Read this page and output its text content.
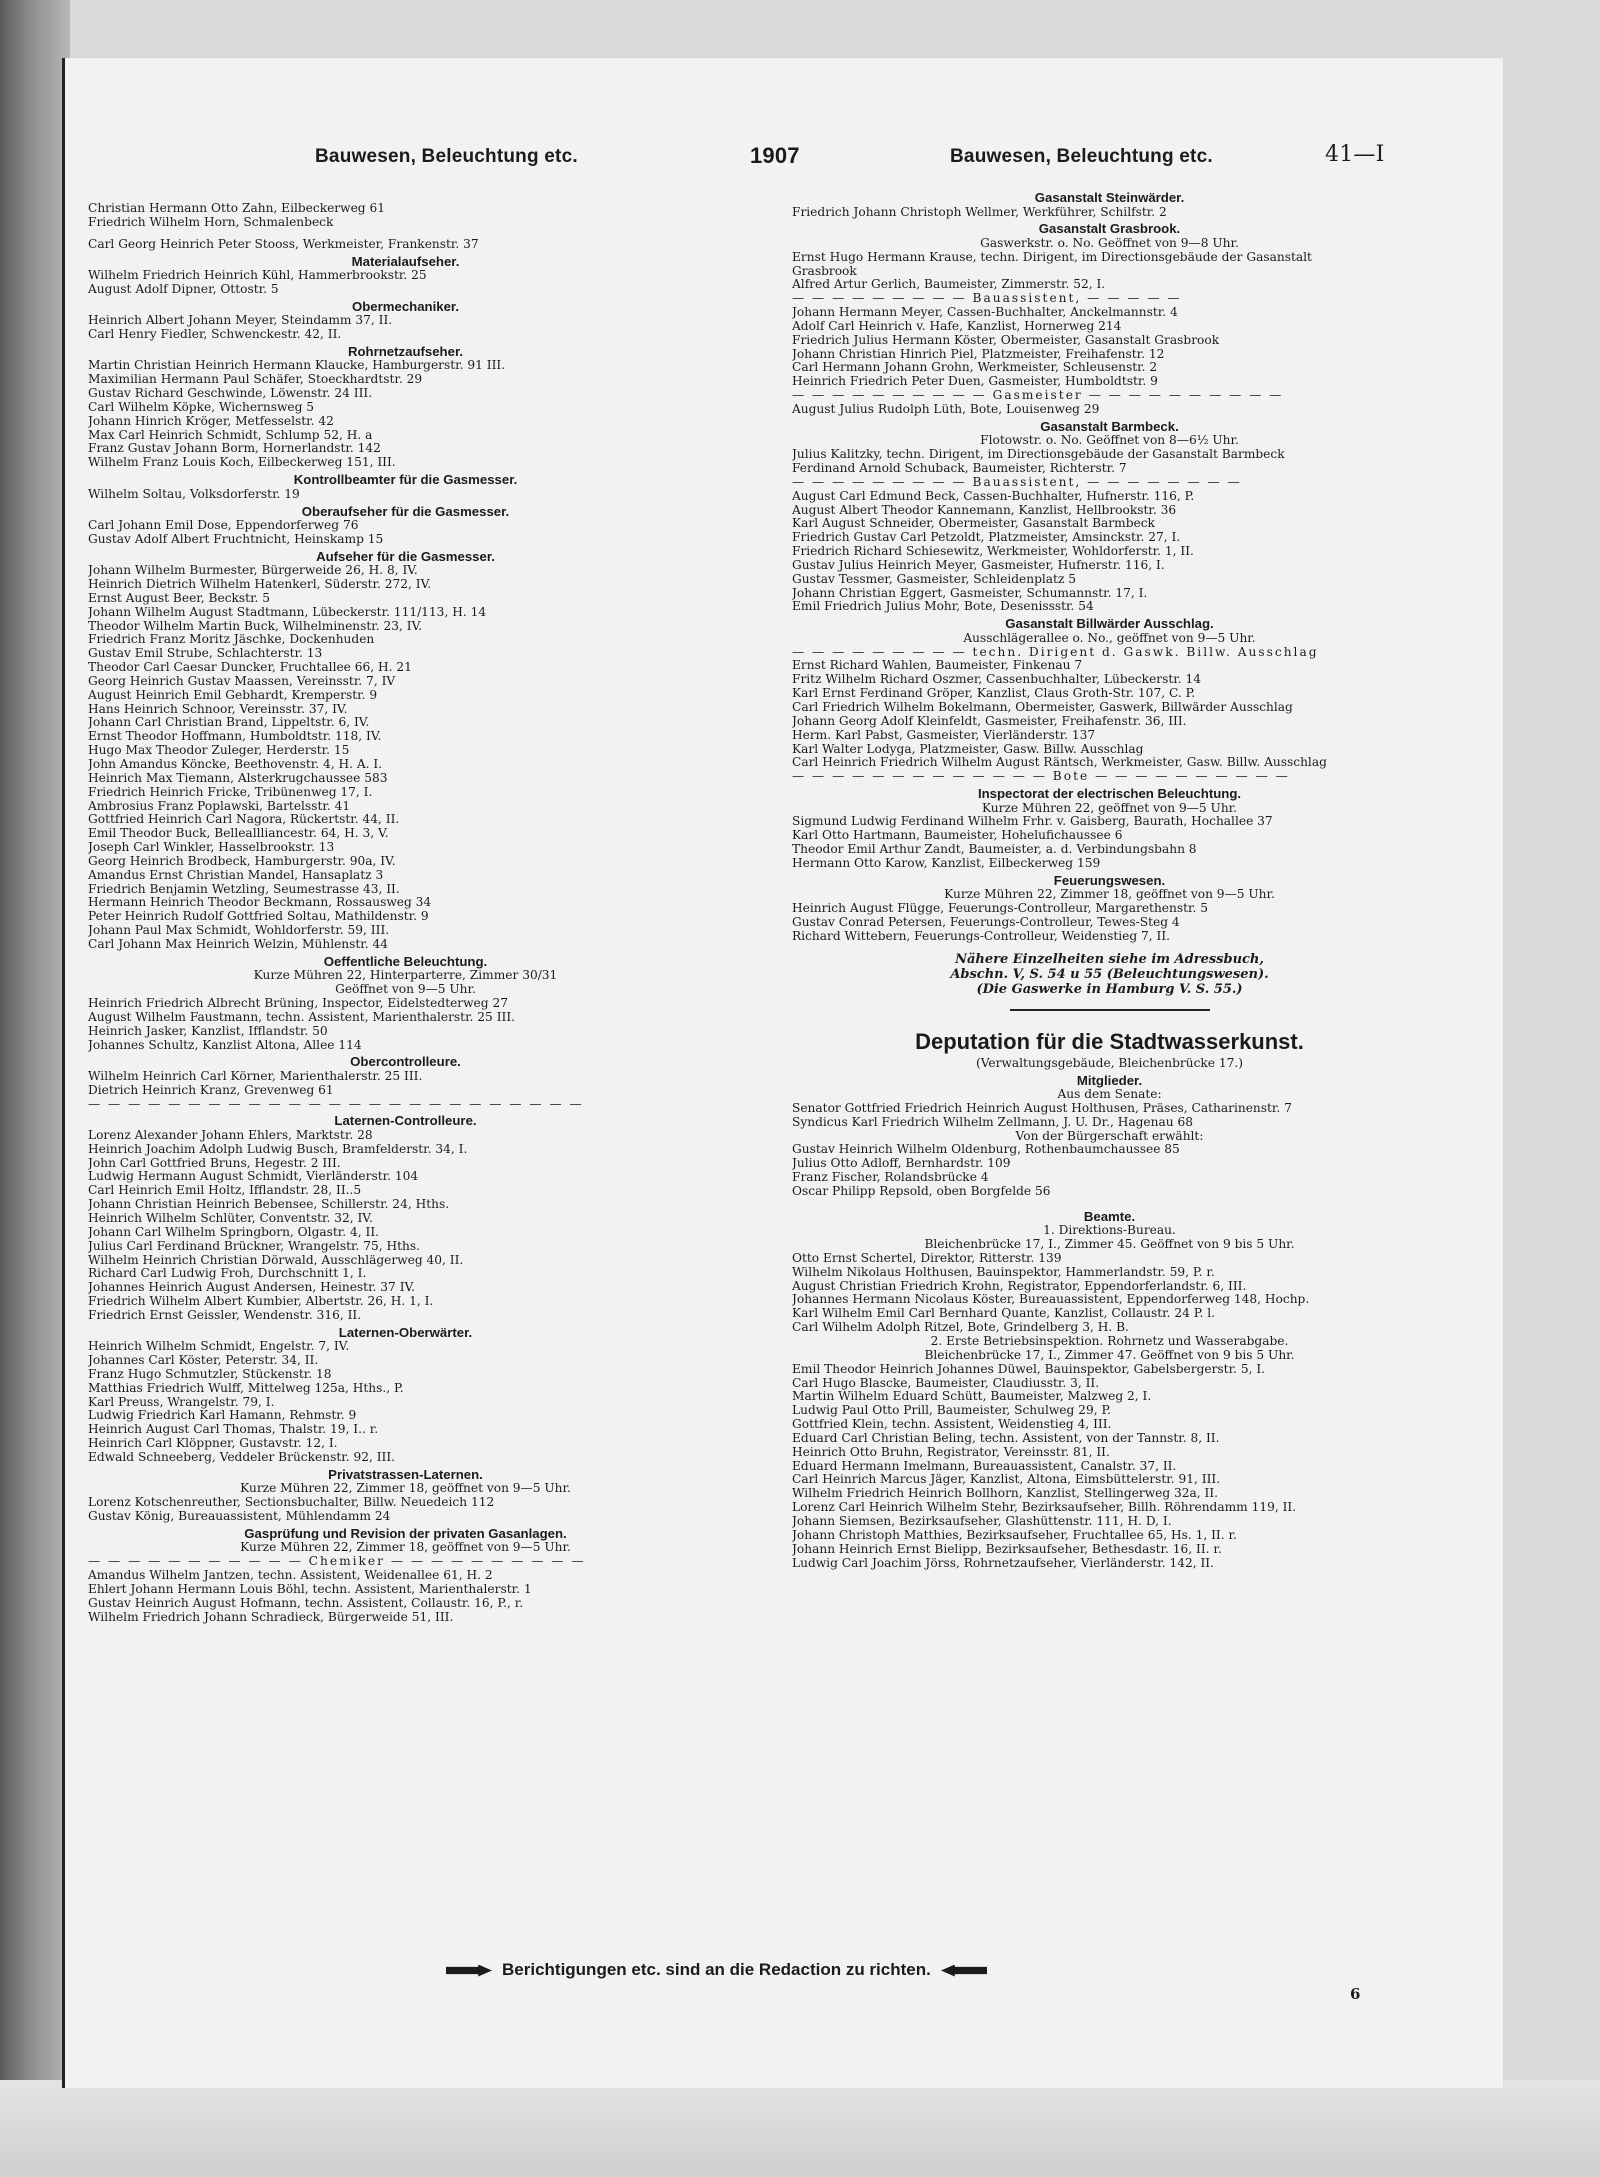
Bauwesen, Beleuchtung etc.	1907	Bauwesen, Beleuchtung etc.	41—I
Christian Hermann Otto Zahn, Eilbeckerweg 61
Friedrich Wilhelm Horn, Schmalenbeck
Carl Georg Heinrich Peter Stooss, Werkmeister, Frankenstr. 37
Materialaufseher.
Wilhelm Friedrich Heinrich Kühl, Hammerbrookstr. 25
August Adolf Dipner, Ottostr. 5
Obermechaniker.
Heinrich Albert Johann Meyer, Steindamm 37, II.
Carl Henry Fiedler, Schwenckestr. 42, II.
Rohrnetzaufseher.
Martin Christian Heinrich Hermann Klaucke, Hamburgerstr. 91 III.
Maximilian Hermann Paul Schäfer, Stoeckhardtstr. 29
Gustav Richard Geschwinde, Löwenstr. 24 III.
Carl Wilhelm Köpke, Wichernsweg 5
Johann Hinrich Kröger, Metfesselstr. 42
Max Carl Heinrich Schmidt, Schlump 52, H. a
Franz Gustav Johann Borm, Hornerlandstr. 142
Wilhelm Franz Louis Koch, Eilbeckerweg 151, III.
Kontrollbeamter für die Gasmesser.
Wilhelm Soltau, Volksdorferstr. 19
Oberaufseher für die Gasmesser.
Carl Johann Emil Dose, Eppendorferweg 76
Gustav Adolf Albert Fruchtnicht, Heinskamp 15
Aufseher für die Gasmesser.
Johann Wilhelm Burmester, Bürgerweide 26, H. 8, IV.
Heinrich Dietrich Wilhelm Hatenkerl, Süderstr. 272, IV.
Ernst August Beer, Beckstr. 5
Johann Wilhelm August Stadtmann, Lübeckerstr. 111/113, H. 14
Theodor Wilhelm Martin Buck, Wilhelminenstr. 23, IV.
Friedrich Franz Moritz Jäschke, Dockenhuden
Gustav Emil Strube, Schlachterstr. 13
Theodor Carl Caesar Duncker, Fruchtallee 66, H. 21
Georg Heinrich Gustav Maassen, Vereinsstr. 7, IV
August Heinrich Emil Gebhardt, Kremperstr. 9
Hans Heinrich Schnoor, Vereinsstr. 37, IV.
Johann Carl Christian Brand, Lippeltstr. 6, IV.
Ernst Theodor Hoffmann, Humboldtstr. 118, IV.
Hugo Max Theodor Zuleger, Herderstr. 15
John Amandus Köncke, Beethovenstr. 4, H. A. I.
Heinrich Max Tiemann, Alsterkrugchaussee 583
Friedrich Heinrich Fricke, Tribünenweg 17, I.
Ambrosius Franz Poplawski, Bartelsstr. 41
Gottfried Heinrich Carl Nagora, Rückertstr. 44, II.
Emil Theodor Buck, Belleallliancestr. 64, H. 3, V.
Joseph Carl Winkler, Hasselbrookstr. 13
Georg Heinrich Brodbeck, Hamburgerstr. 90a, IV.
Amandus Ernst Christian Mandel, Hansaplatz 3
Friedrich Benjamin Wetzling, Seumestrasse 43, II.
Hermann Heinrich Theodor Beckmann, Rossausweg 34
Peter Heinrich Rudolf Gottfried Soltau, Mathildenstr. 9
Johann Paul Max Schmidt, Wohldorferstr. 59, III.
Carl Johann Max Heinrich Welzin, Mühlenstr. 44
Oeffentliche Beleuchtung.
Kurze Mühren 22, Hinterparterre, Zimmer 30/31
Geöffnet von 9—5 Uhr.
Heinrich Friedrich Albrecht Brüning, Inspector, Eidelstedterweg 27
August Wilhelm Faustmann, techn. Assistent, Marienthalerstr. 25 III.
Heinrich Jasker, Kanzlist, Ifflandstr. 50
Johannes Schultz, Kanzlist Altona, Allee 114
Obercontrolleure.
Wilhelm Heinrich Carl Körner, Marienthalerstr. 25 III.
Dietrich Heinrich Kranz, Grevenweg 61
— — — — — — — — — — — — — — — — — — — — — — — — —
Laternen-Controlleure.
Lorenz Alexander Johann Ehlers, Marktstr. 28
Heinrich Joachim Adolph Ludwig Busch, Bramfelderstr. 34, I.
John Carl Gottfried Bruns, Hegestr. 2 III.
Ludwig Hermann August Schmidt, Vierländerstr. 104
Carl Heinrich Emil Holtz, Ifflandstr. 28, II..5
Johann Christian Heinrich Bebensee, Schillerstr. 24, Hths.
Heinrich Wilhelm Schlüter, Conventstr. 32, IV.
Johann Carl Wilhelm Springborn, Olgastr. 4, II.
Julius Carl Ferdinand Brückner, Wrangelstr. 75, Hths.
Wilhelm Heinrich Christian Dörwald, Ausschlägerweg 40, II.
Richard Carl Ludwig Froh, Durchschnitt 1, I.
Johannes Heinrich August Andersen, Heinestr. 37 IV.
Friedrich Wilhelm Albert Kumbier, Albertstr. 26, H. 1, I.
Friedrich Ernst Geissler, Wendenstr. 316, II.
Laternen-Oberwärter.
Heinrich Wilhelm Schmidt, Engelstr. 7, IV.
Johannes Carl Köster, Peterstr. 34, II.
Franz Hugo Schmutzler, Stückenstr. 18
Matthias Friedrich Wulff, Mittelweg 125a, Hths., P.
Karl Preuss, Wrangelstr. 79, I.
Ludwig Friedrich Karl Hamann, Rehmstr. 9
Heinrich August Carl Thomas, Thalstr. 19, I.. r.
Heinrich Carl Klöppner, Gustavstr. 12, I.
Edwald Schneeberg, Veddeler Brückenstr. 92, III.
Privatstrassen-Laternen.
Kurze Mühren 22, Zimmer 18, geöffnet von 9—5 Uhr.
Lorenz Kotschenreuther, Sectionsbuchalter, Billw. Neuedeich 112
Gustav König, Bureauassistent, Mühlendamm 24
Gasprüfung und Revision der privaten Gasanlagen.
Kurze Mühren 22, Zimmer 18, geöffnet von 9—5 Uhr.
— — — — — — — — — — — Chemiker — — — — — — — — — —
Amandus Wilhelm Jantzen, techn. Assistent, Weidenallee 61, H. 2
Ehlert Johann Hermann Louis Böhl, techn. Assistent, Marienthalerstr. 1
Gustav Heinrich August Hofmann, techn. Assistent, Collaustr. 16, P., r.
Wilhelm Friedrich Johann Schradieck, Bürgerweide 51, III.
Gasanstalt Steinwärder.
Friedrich Johann Christoph Wellmer, Werkführer, Schilfstr. 2
Gasanstalt Grasbrook.
Gaswerkstr. o. No. Geöffnet von 9—8 Uhr.
Ernst Hugo Hermann Krause, techn. Dirigent, im Directionsgebäude der Gasanstalt
Grasbrook
Alfred Artur Gerlich, Baumeister, Zimmerstr. 52, I.
— — — — — — — — — Bauassistent, — — — — —
Johann Hermann Meyer, Cassen-Buchhalter, Anckelmannstr. 4
Adolf Carl Heinrich v. Hafe, Kanzlist, Hornerweg 214
Friedrich Julius Hermann Köster, Obermeister, Gasanstalt Grasbrook
Johann Christian Hinrich Piel, Platzmeister, Freihafenstr. 12
Carl Hermann Johann Grohn, Werkmeister, Schleusenstr. 2
Heinrich Friedrich Peter Duen, Gasmeister, Humboldtstr. 9
— — — — — — — — — — Gasmeister — — — — — — — — — —
August Julius Rudolph Lüth, Bote, Louisenweg 29
Gasanstalt Barmbeck.
Flotowstr. o. No. Geöffnet von 8—6½ Uhr.
Julius Kalitzky, techn. Dirigent, im Directionsgebäude der Gasanstalt Barmbeck
Ferdinand Arnold Schuback, Baumeister, Richterstr. 7
— — — — — — — — — Bauassistent, — — — — — — — —
August Carl Edmund Beck, Cassen-Buchhalter, Hufnerstr. 116, P.
August Albert Theodor Kannemann, Kanzlist, Hellbrookstr. 36
Karl August Schneider, Obermeister, Gasanstalt Barmbeck
Friedrich Gustav Carl Petzoldt, Platzmeister, Amsinckstr. 27, I.
Friedrich Richard Schiesewitz, Werkmeister, Wohldorferstr. 1, II.
Gustav Julius Heinrich Meyer, Gasmeister, Hufnerstr. 116, I.
Gustav Tessmer, Gasmeister, Schleidenplatz 5
Johann Christian Eggert, Gasmeister, Schumannstr. 17, I.
Emil Friedrich Julius Mohr, Bote, Desenissstr. 54
Gasanstalt Billwärder Ausschlag.
Ausschlägerallee o. No., geöffnet von 9—5 Uhr.
— — — — — — — — — techn. Dirigent d. Gaswk. Billw. Ausschlag
Ernst Richard Wahlen, Baumeister, Finkenau 7
Fritz Wilhelm Richard Oszmer, Cassenbuchhalter, Lübeckerstr. 14
Karl Ernst Ferdinand Gröper, Kanzlist, Claus Groth-Str. 107, C. P.
Carl Friedrich Wilhelm Bokelmann, Obermeister, Gaswerk, Billwärder Ausschlag
Johann Georg Adolf Kleinfeldt, Gasmeister, Freihafenstr. 36, III.
Herm. Karl Pabst, Gasmeister, Vierländerstr. 137
Karl Walter Lodyga, Platzmeister, Gasw. Billw. Ausschlag
Carl Heinrich Friedrich Wilhelm August Räntsch, Werkmeister, Gasw. Billw. Ausschlag
— — — — — — — — — — — — — Bote — — — — — — — — — —
Inspectorat der electrischen Beleuchtung.
Kurze Mühren 22, geöffnet von 9—5 Uhr.
Sigmund Ludwig Ferdinand Wilhelm Frhr. v. Gaisberg, Baurath, Hochallee 37
Karl Otto Hartmann, Baumeister, Hohelufichaussee 6
Theodor Emil Arthur Zandt, Baumeister, a. d. Verbindungsbahn 8
Hermann Otto Karow, Kanzlist, Eilbeckerweg 159
Feuerungswesen.
Kurze Mühren 22, Zimmer 18, geöffnet von 9—5 Uhr.
Heinrich August Flügge, Feuerungs-Controlleur, Margarethenstr. 5
Gustav Conrad Petersen, Feuerungs-Controlleur, Tewes-Steg 4
Richard Wittebern, Feuerungs-Controlleur, Weidenstieg 7, II.
Nähere Einzelheiten siehe im Adressbuch,
Abschn. V, S. 54 u 55 (Beleuchtungswesen).
(Die Gaswerke in Hamburg V. S. 55.)
Deputation für die Stadtwasserkunst.
(Verwaltungsgebäude, Bleichenbrücke 17.)
Mitglieder.
Aus dem Senate:
Senator Gottfried Friedrich Heinrich August Holthusen, Präses, Catharinenstr. 7
Syndicus Karl Friedrich Wilhelm Zellmann, J. U. Dr., Hagenau 68
Von der Bürgerschaft erwählt:
Gustav Heinrich Wilhelm Oldenburg, Rothenbaumchaussee 85
Julius Otto Adloff, Bernhardstr. 109
Franz Fischer, Rolandsbrücke 4
Oscar Philipp Repsold, oben Borgfelde 56
Beamte.
1. Direktions-Bureau.
Bleichenbrücke 17, I., Zimmer 45. Geöffnet von 9 bis 5 Uhr.
Otto Ernst Schertel, Direktor, Ritterstr. 139
Wilhelm Nikolaus Holthusen, Bauinspektor, Hammerlandstr. 59, P. r.
August Christian Friedrich Krohn, Registrator, Eppendorferlandstr. 6, III.
Johannes Hermann Nicolaus Köster, Bureauassistent, Eppendorferweg 148, Hochp.
Karl Wilhelm Emil Carl Bernhard Quante, Kanzlist, Collaustr. 24 P. l.
Carl Wilhelm Adolph Ritzel, Bote, Grindelberg 3, H. B.
2. Erste Betriebsinspektion. Rohrnetz und Wasserabgabe.
Bleichenbrücke 17, I., Zimmer 47. Geöffnet von 9 bis 5 Uhr.
Emil Theodor Heinrich Johannes Düwel, Bauinspektor, Gabelsbergerstr. 5, I.
Carl Hugo Blascke, Baumeister, Claudiusstr. 3, II.
Martin Wilhelm Eduard Schütt, Baumeister, Malzweg 2, I.
Ludwig Paul Otto Prill, Baumeister, Schulweg 29, P.
Gottfried Klein, techn. Assistent, Weidenstieg 4, III.
Eduard Carl Christian Beling, techn. Assistent, von der Tannstr. 8, II.
Heinrich Otto Bruhn, Registrator, Vereinsstr. 81, II.
Eduard Hermann Imelmann, Bureauassistent, Canalstr. 37, II.
Carl Heinrich Marcus Jäger, Kanzlist, Altona, Eimsbüttelerstr. 91, III.
Wilhelm Friedrich Heinrich Bollhorn, Kanzlist, Stellingerweg 32a, II.
Lorenz Carl Heinrich Wilhelm Stehr, Bezirksaufseher, Billh. Röhrendamm 119, II.
Johann Siemsen, Bezirksaufseher, Glashüttenstr. 111, H. D, I.
Johann Christoph Matthies, Bezirksaufseher, Fruchtallee 65, Hs. 1, II. r.
Johann Heinrich Ernst Bielipp, Bezirksaufseher, Bethesdastr. 16, II. r.
Ludwig Carl Joachim Jörss, Rohrnetzaufseher, Vierländerstr. 142, II.
Berichtigungen etc. sind an die Redaction zu richten.
6
